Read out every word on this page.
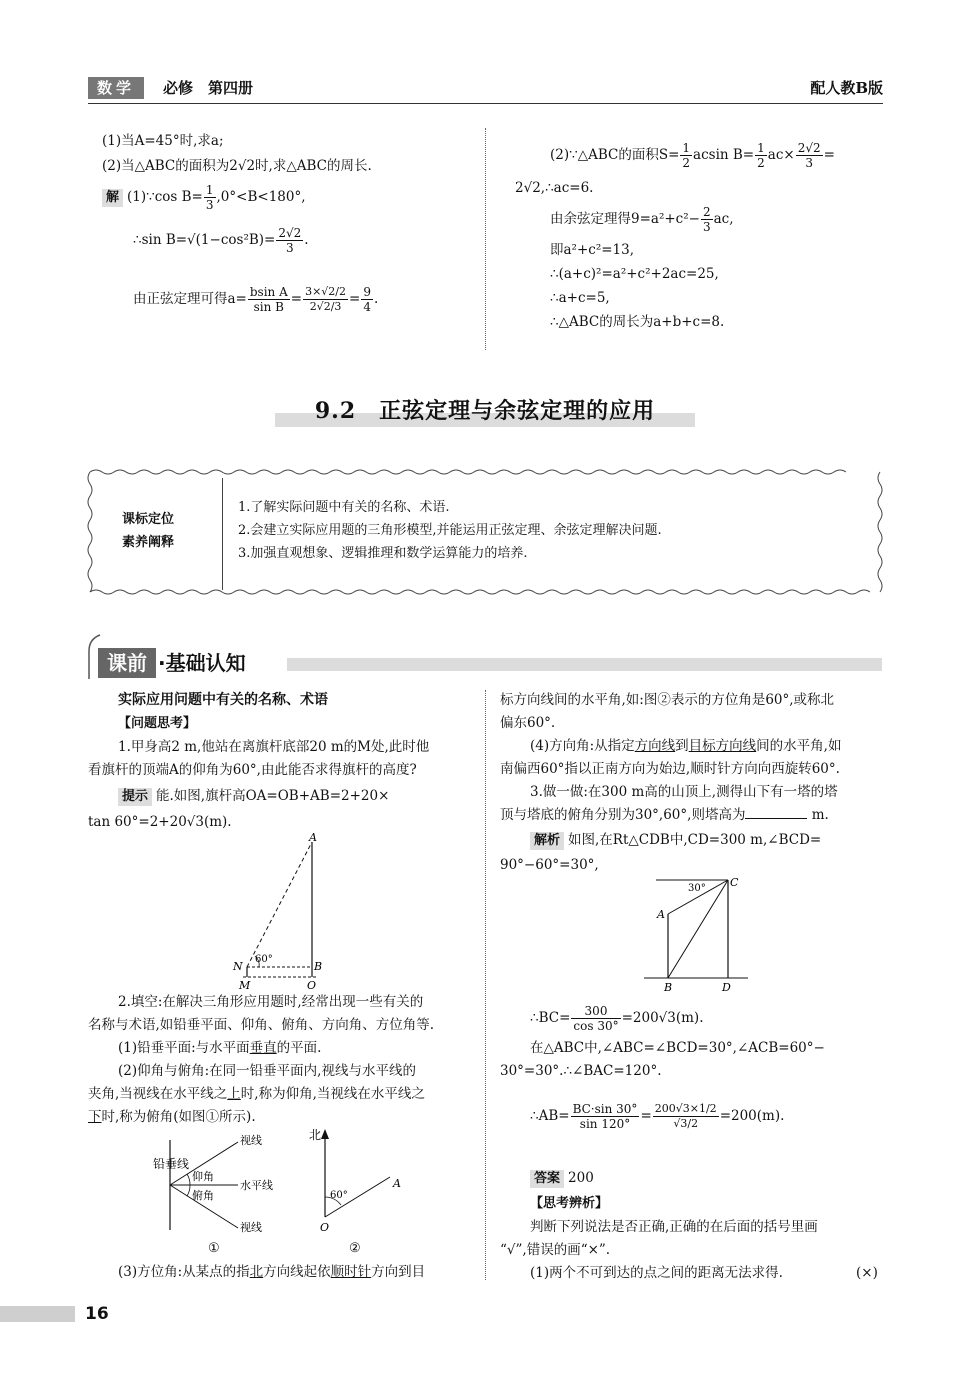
数学	必修　第四册	配人教B版
(1)当A=45°时,求a;
(2)当△ABC的面积为2√2时,求△ABC的周长.
解 (1)∵cos $B= \frac{1}{3} ,0^\circ<B<180^\circ$,
∴sin $B=√(1-\cos^2B)= \frac{2√2}{3}$ .
由正弦定理可得$a= \frac{\text{bsin A}}{\text{sin B}} = \frac{3\times√2/2}{2√2/3} = \frac{9}{4}$ .
(2)∵△ABC的面积$S= \frac{1}{2}$ acsin $B= \frac{1}{2} ac\times \frac{2√2}{3}$ =
2√2,∴ac=6.
由余弦定理得$9=a^2+c^2- \frac{2}{3}$ ac,
即a²+c²=13,
∴(a+c)²=a²+c²+2ac=25,
∴a+c=5,
∴△ABC的周长为a+b+c=8.
9.2　正弦定理与余弦定理的应用
课标定位
素养阐释
1.了解实际问题中有关的名称、术语.
2.会建立实际应用题的三角形模型,并能运用正弦定理、余弦定理解决问题.
3.加强直观想象、逻辑推理和数学运算能力的培养.
课前 ·基础认知
实际应用问题中有关的名称、术语
【问题思考】
1.甲身高2 m,他站在离旗杆底部20 m的M处,此时他
看旗杆的顶端A的仰角为60°,由此能否求得旗杆的高度?
提示 能.如图,旗杆高OA=OB+AB=2+20×
tan 60°=2+20√3(m).
A
N
60°
B
M	O
2.填空:在解决三角形应用题时,经常出现一些有关的
名称与术语,如铅垂平面、仰角、俯角、方向角、方位角等.
(1)铅垂平面:与水平面垂直的平面.
(2)仰角与俯角:在同一铅垂平面内,视线与水平线的
夹角,当视线在水平线之上时,称为仰角,当视线在水平线之
下时,称为俯角(如图①所示).
铅垂线
视线
仰角
水平线
俯角
视线
①
北
60°
A
O
②
(3)方位角:从某点的指北方向线起依顺时针方向到目
标方向线间的水平角,如:图②表示的方位角是60°,或称北
偏东60°.
(4)方向角:从指定方向线到目标方向线间的水平角,如
南偏西60°指以正南方向为始边,顺时针方向向西旋转60°.
3.做一做:在300 m高的山顶上,测得山下有一塔的塔
顶与塔底的俯角分别为30°,60°,则塔高为	m.
解析 如图,在Rt△CDB中,CD=300 m,∠BCD=
90°−60°=30°,
30° C
A
B	D
∴BC= $\frac{300}{\cos 30^\circ} =200√3(m)$.
在△ABC中,∠ABC=∠BCD=30°,∠ACB=60°−
30°=30°.∴∠BAC=120°.
∴AB= $\frac{BC\cdot\sin 30^\circ}{\sin 120^\circ} = \frac{200√3\times 1/2}{√3/2} =200(m)$.
答案 200
【思考辨析】
判断下列说法是否正确,正确的在后面的括号里画
“√”,错误的画“×”.
(1)两个不可到达的点之间的距离无法求得.	(×)
16
